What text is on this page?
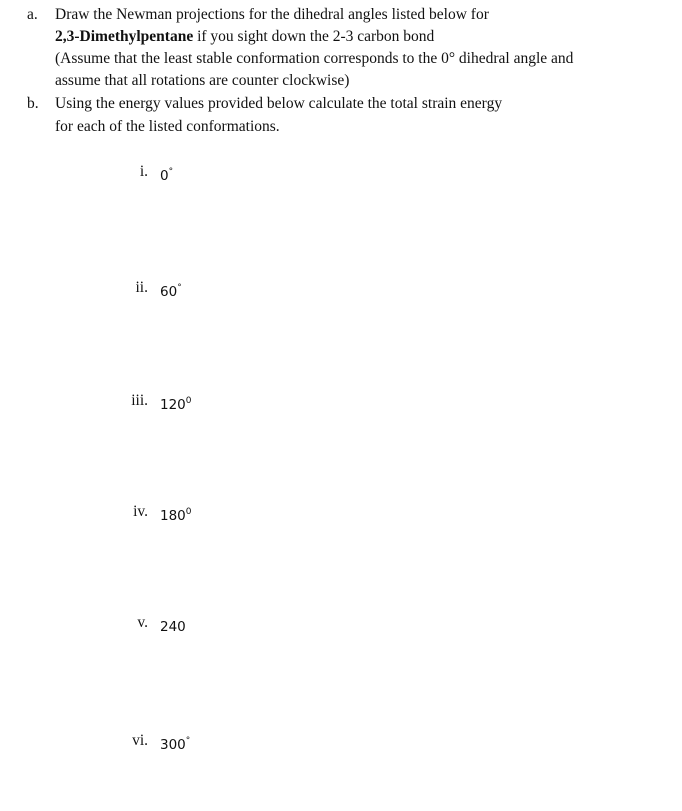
a. Draw the Newman projections for the dihedral angles listed below for
2,3-Dimethylpentane if you sight down the 2-3 carbon bond
(Assume that the least stable conformation corresponds to the 0° dihedral angle and
assume that all rotations are counter clockwise)
b. Using the energy values provided below calculate the total strain energy
for each of the listed conformations.
i. 0°
ii. 60°
iii. $120^0$
iv. $180^0$
v. 240
vi. 300°
